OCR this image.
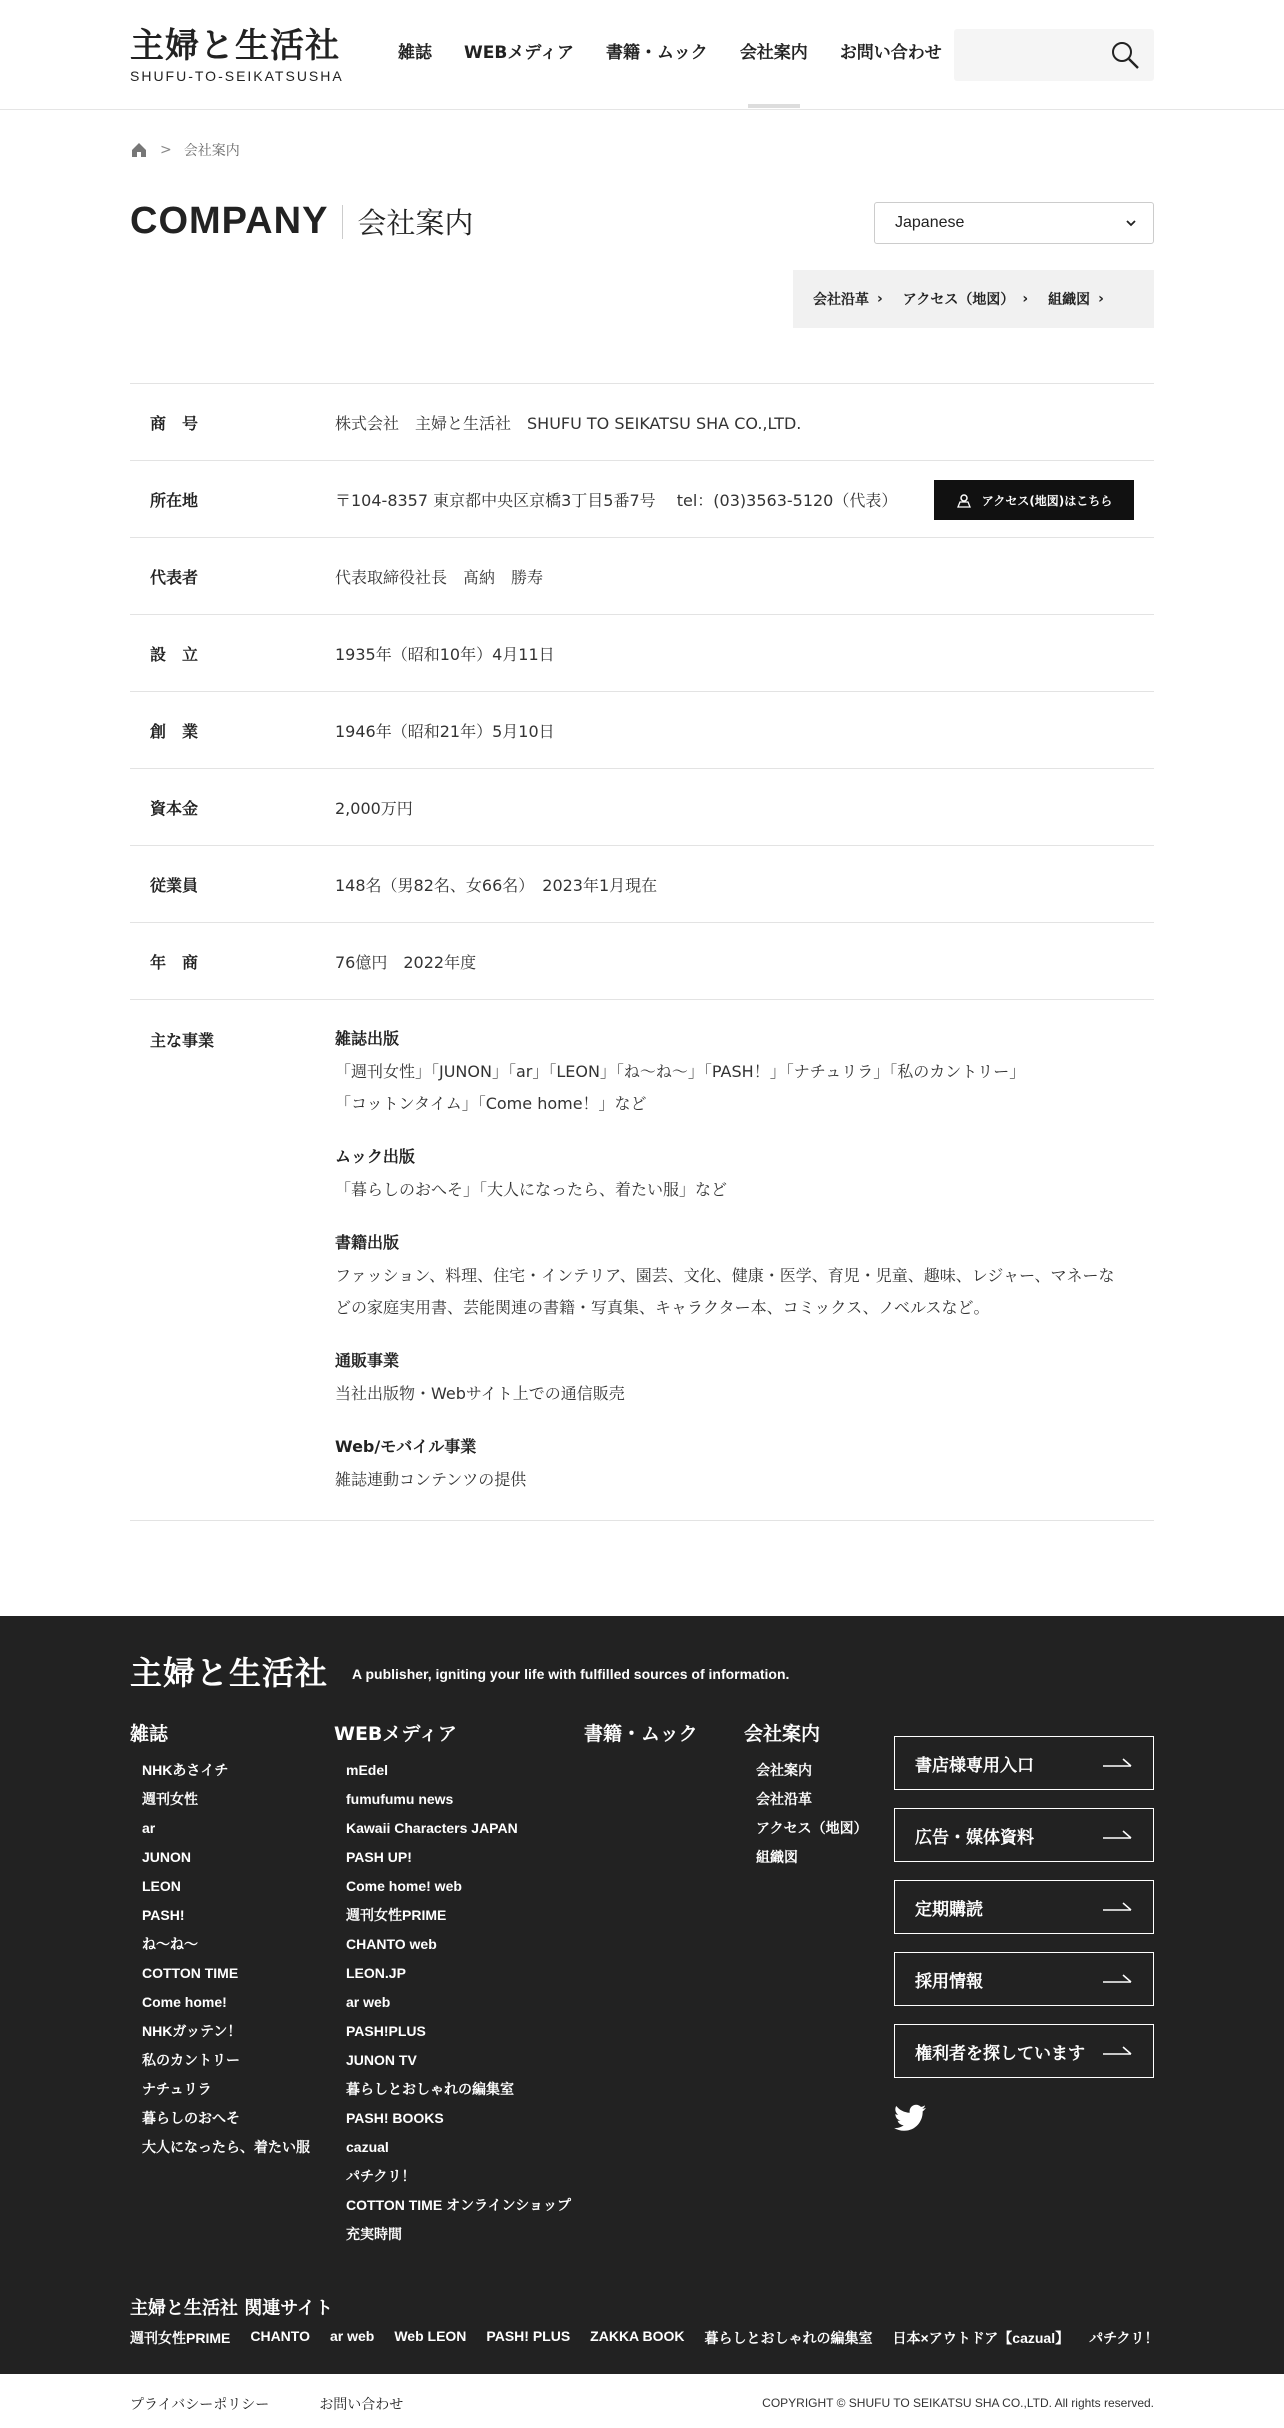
主婦と生活社
SHUFU-TO-SEIKATSUSHA
雑誌 WEBメディア 書籍・ムック 会社案内 お問い合わせ
> 会社案内
COMPANY 会社案内	Japanese
会社沿革 › アクセス（地図） › 組織図 ›
商　号	株式会社　主婦と生活社　SHUFU TO SEIKATSU SHA CO.,LTD.
所在地	〒104-8357 東京都中央区京橋3丁目5番7号　 tel：(03)3563-5120（代表）	アクセス(地図)はこちら
代表者	代表取締役社長　髙納　勝寿
設　立	1935年（昭和10年）4月11日
創　業	1946年（昭和21年）5月10日
資本金	2,000万円
従業員	148名（男82名、女66名）　2023年1月現在
年　商	76億円　2022年度
主な事業	雑誌出版
「週刊女性」「JUNON」「ar」「LEON」「ね～ね～」「PASH！」「ナチュリラ」「私のカントリー」
「コットンタイム」「Come home！」など
ムック出版
「暮らしのおへそ」「大人になったら、着たい服」など
書籍出版
ファッション、料理、住宅・インテリア、園芸、文化、健康・医学、育児・児童、趣味、レジャー、マネーな
どの家庭実用書、芸能関連の書籍・写真集、キャラクター本、コミックス、ノベルスなど。
通販事業
当社出版物・Webサイト上での通信販売
Web/モバイル事業
雑誌連動コンテンツの提供
主婦と生活社 A publisher, igniting your life with fulfilled sources of information.
雑誌
NHKあさイチ
週刊女性
ar
JUNON
LEON
PASH!
ね～ね～
COTTON TIME
Come home!
NHKガッテン！
私のカントリー
ナチュリラ
暮らしのおへそ
大人になったら、着たい服
WEBメディア
mEdel
fumufumu news
Kawaii Characters JAPAN
PASH UP!
Come home! web
週刊女性PRIME
CHANTO web
LEON.JP
ar web
PASH!PLUS
JUNON TV
暮らしとおしゃれの編集室
PASH! BOOKS
cazual
パチクリ！
COTTON TIME オンラインショップ
充実時間
書籍・ムック 会社案内
会社案内
会社沿革
アクセス（地図）
組織図
書店様専用入口
広告・媒体資料
定期購読
採用情報
権利者を探しています
主婦と生活社 関連サイト
週刊女性PRIME CHANTO ar web Web LEON PASH! PLUS ZAKKA BOOK 暮らしとおしゃれの編集室 日本×アウトドア【cazual】 パチクリ！
プライバシーポリシー	お問い合わせ	COPYRIGHT © SHUFU TO SEIKATSU SHA CO.,LTD. All rights reserved.
